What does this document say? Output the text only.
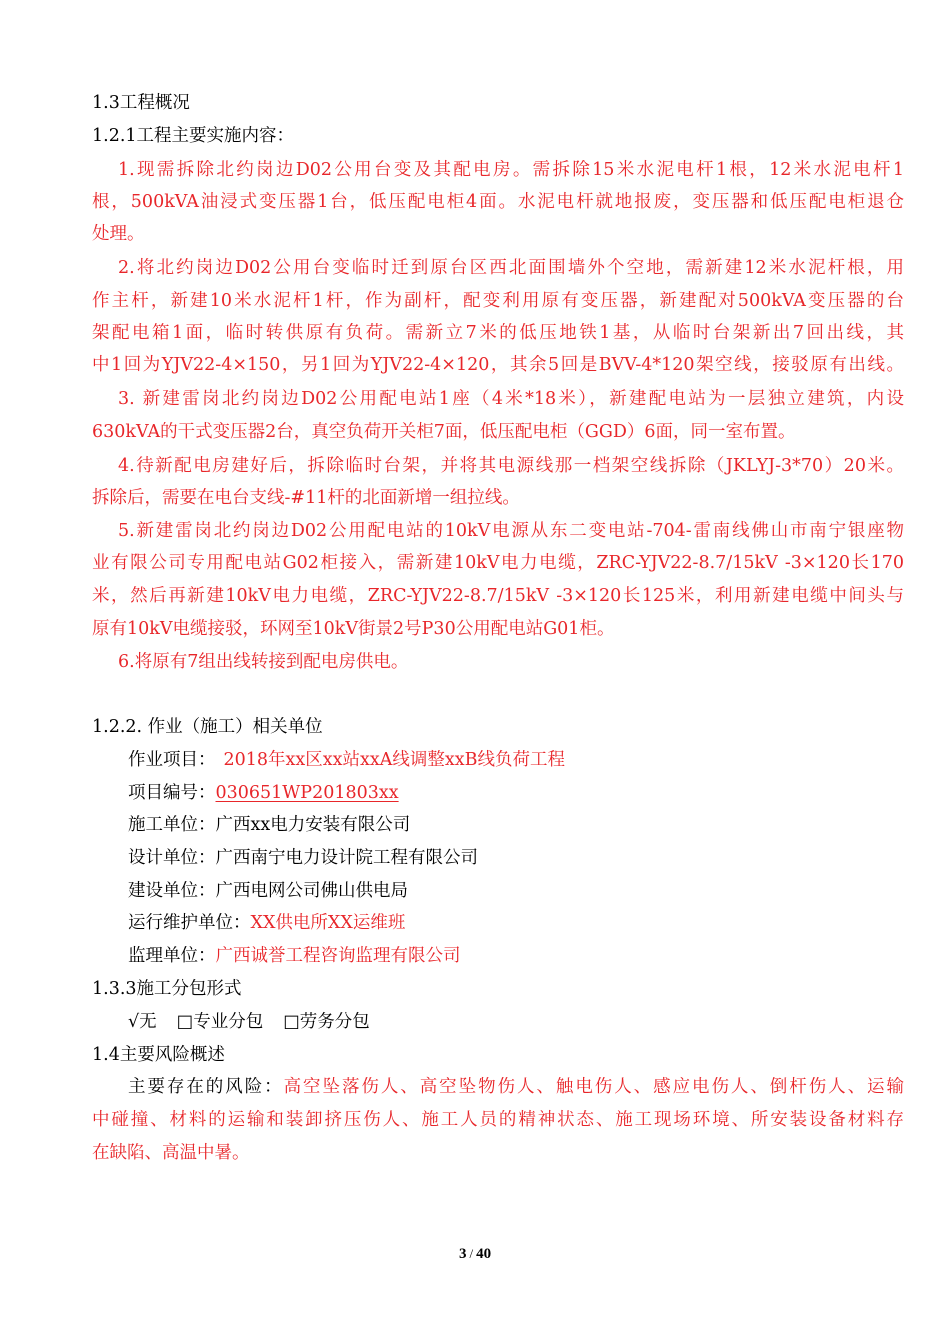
1.3工程概况
1.2.1工程主要实施内容：
1.现需拆除北约岗边D02公用台变及其配电房。需拆除15米水泥电杆1根，12米水泥电杆1
根，500kVA油浸式变压器1台，低压配电柜4面。水泥电杆就地报废，变压器和低压配电柜退仓
处理。
2.将北约岗边D02公用台变临时迁到原台区西北面围墙外个空地，需新建12米水泥杆根，用
作主杆，新建10米水泥杆1杆，作为副杆，配变利用原有变压器，新建配对500kVA变压器的台
架配电箱1面，临时转供原有负荷。需新立7米的低压地铁1基，从临时台架新出7回出线，其
中1回为YJV22-4×150，另1回为YJV22-4×120，其余5回是BVV-4*120架空线，接驳原有出线。
3. 新建雷岗北约岗边D02公用配电站1座（4米*18米），新建配电站为一层独立建筑，内设
630kVA的干式变压器2台，真空负荷开关柜7面，低压配电柜（GGD）6面，同一室布置。
4.待新配电房建好后，拆除临时台架，并将其电源线那一档架空线拆除（JKLYJ-3*70）20米。
拆除后，需要在电台支线-#11杆的北面新增一组拉线。
5.新建雷岗北约岗边D02公用配电站的10kV电源从东二变电站-704-雷南线佛山市南宁银座物
业有限公司专用配电站G02柜接入，需新建10kV电力电缆，ZRC-YJV22-8.7/15kV -3×120长170
米，然后再新建10kV电力电缆，ZRC-YJV22-8.7/15kV -3×120长125米，利用新建电缆中间头与
原有10kV电缆接驳，环网至10kV街景2号P30公用配电站G01柜。
6.将原有7组出线转接到配电房供电。
1.2.2. 作业（施工）相关单位
作业项目： 2018年xx区xx站xxA线调整xxB线负荷工程
项目编号：030651WP201803xx
施工单位：广西xx电力安装有限公司
设计单位：广西南宁电力设计院工程有限公司
建设单位：广西电网公司佛山供电局
运行维护单位：XX供电所XX运维班
监理单位：广西诚誉工程咨询监理有限公司
1.3.3施工分包形式
√无 □专业分包 □劳务分包
1.4主要风险概述
主要存在的风险：高空坠落伤人、高空坠物伤人、触电伤人、感应电伤人、倒杆伤人、运输
中碰撞、材料的运输和装卸挤压伤人、施工人员的精神状态、施工现场环境、所安装设备材料存
在缺陷、高温中暑。
3 / 40
